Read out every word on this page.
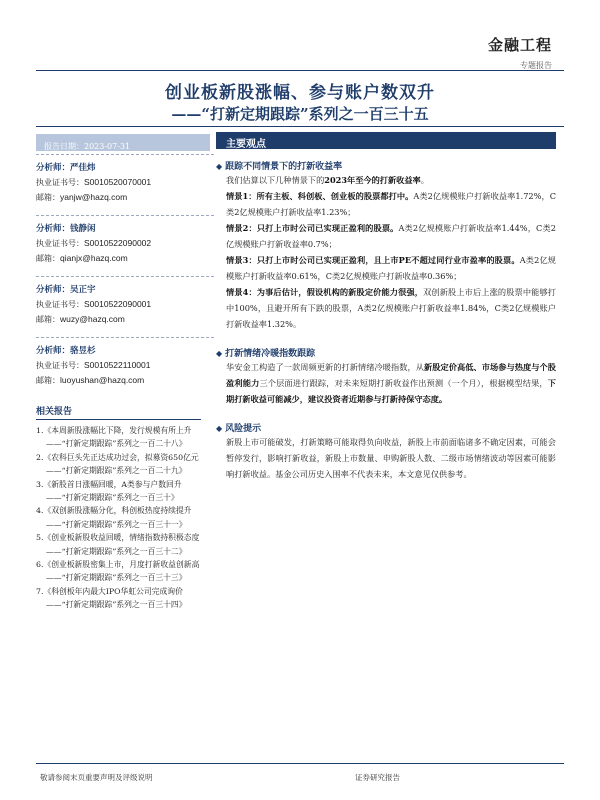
金融工程
专题报告
创业板新股涨幅、参与账户数双升
——“打新定期跟踪”系列之一百三十五
报告日期：2023-07-31
分析师：严佳炜
执业证书号：S0010520070001
邮箱：yanjw@hazq.com
分析师：钱静闲
执业证书号：S0010522090002
邮箱：qianjx@hazq.com
分析师：吴正宇
执业证书号：S0010522090001
邮箱：wuzy@hazq.com
分析师：骆昱杉
执业证书号：S0010522110001
邮箱：luoyushan@hazq.com
相关报告
1.《本周新股涨幅比下降，发行规模有所上升——“打新定期跟踪”系列之一百二十八》
2.《农科巨头先正达成功过会，拟募资650亿元——“打新定期跟踪”系列之一百二十九》
3.《新股首日涨幅回暖，A类参与户数回升——“打新定期跟踪”系列之一百三十》
4.《双创新股涨幅分化，科创板热度持续提升——“打新定期跟踪”系列之一百三十一》
5.《创业板新股收益回暖，情绪指数持积极态度——“打新定期跟踪”系列之一百三十二》
6.《创业板新股密集上市，月度打新收益创新高——“打新定期跟踪”系列之一百三十三》
7.《科创板年内最大IPO华虹公司完成询价——“打新定期跟踪”系列之一百三十四》
主要观点
◆ 跟踪不同情景下的打新收益率
我们估算以下几种情景下的2023年至今的打新收益率。
情景1：所有主板、科创板、创业板的股票都打中。A类2亿规模账户打新收益率1.72%，C类2亿规模账户打新收益率1.23%；
情景2：只打上市时公司已实现正盈利的股票。A类2亿规模账户打新收益率1.44%，C类2亿规模账户打新收益率0.7%；
情景3：只打上市时公司已实现正盈利，且上市PE不超过同行业市盈率的股票。A类2亿规模账户打新收益率0.61%，C类2亿规模账户打新收益率0.36%；
情景4：为事后估计，假设机构的新股定价能力很强，双创新股上市后上涨的股票中能够打中100%，且避开所有下跌的股票，A类2亿规模账户打新收益率1.84%，C类2亿规模账户打新收益率1.32%。
◆ 打新情绪冷暖指数跟踪
华安金工构造了一款周频更新的打新情绪冷暖指数，从新股定价高低、市场参与热度与个股盈利能力三个层面进行跟踪，对未来短期打新收益作出预测（一个月），根据模型结果，下期打新收益可能减少，建议投资者近期参与打新持保守态度。
◆ 风险提示
新股上市可能破发，打新策略可能取得负向收益，新股上市前面临诸多不确定因素，可能会暂停发行，影响打新收益，新股上市数量、申购新股人数、二级市场情绪波动等因素可能影响打新收益。基金公司历史入围率不代表未来，本文意见仅供参考。
敬请参阅末页重要声明及评级说明	证券研究报告
